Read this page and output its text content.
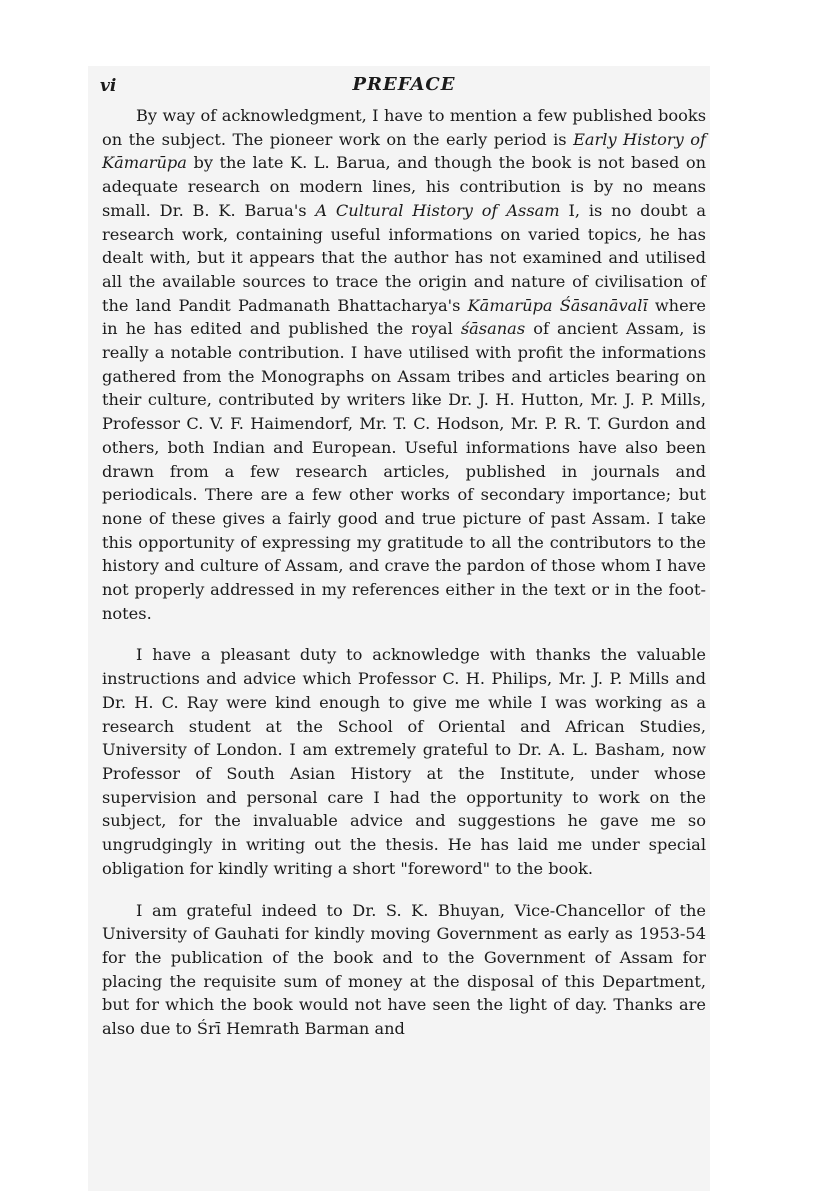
vi	PREFACE

By way of acknowledgment, I have to mention a few published books on the subject. The pioneer work on the early period is Early History of Kāmarūpa by the late K. L. Barua, and though the book is not based on adequate research on modern lines, his contribution is by no means small. Dr. B. K. Barua's A Cultural History of Assam I, is no doubt a research work, containing useful informations on varied topics, he has dealt with, but it appears that the author has not examined and utilised all the available sources to trace the origin and nature of civilisation of the land Pandit Padmanath Bhattacharya's Kāmarūpa Śāsanāvalī where in he has edited and published the royal śāsanas of ancient Assam, is really a notable contribution. I have utilised with profit the informations gathered from the Monographs on Assam tribes and articles bearing on their culture, contributed by writers like Dr. J. H. Hutton, Mr. J. P. Mills, Professor C. V. F. Haimendorf, Mr. T. C. Hodson, Mr. P. R. T. Gurdon and others, both Indian and European. Useful informations have also been drawn from a few research articles, published in journals and periodicals. There are a few other works of secondary importance; but none of these gives a fairly good and true picture of past Assam. I take this opportunity of expressing my gratitude to all the contributors to the history and culture of Assam, and crave the pardon of those whom I have not properly addressed in my references either in the text or in the foot-notes.

I have a pleasant duty to acknowledge with thanks the valuable instructions and advice which Professor C. H. Philips, Mr. J. P. Mills and Dr. H. C. Ray were kind enough to give me while I was working as a research student at the School of Oriental and African Studies, University of London. I am extremely grateful to Dr. A. L. Basham, now Professor of South Asian History at the Institute, under whose supervision and personal care I had the opportunity to work on the subject, for the invaluable advice and suggestions he gave me so ungrudgingly in writing out the thesis. He has laid me under special obligation for kindly writing a short "foreword" to the book.

I am grateful indeed to Dr. S. K. Bhuyan, Vice-Chancellor of the University of Gauhati for kindly moving Government as early as 1953-54 for the publication of the book and to the Government of Assam for placing the requisite sum of money at the disposal of this Department, but for which the book would not have seen the light of day. Thanks are also due to Śrī Hemrath Barman and
